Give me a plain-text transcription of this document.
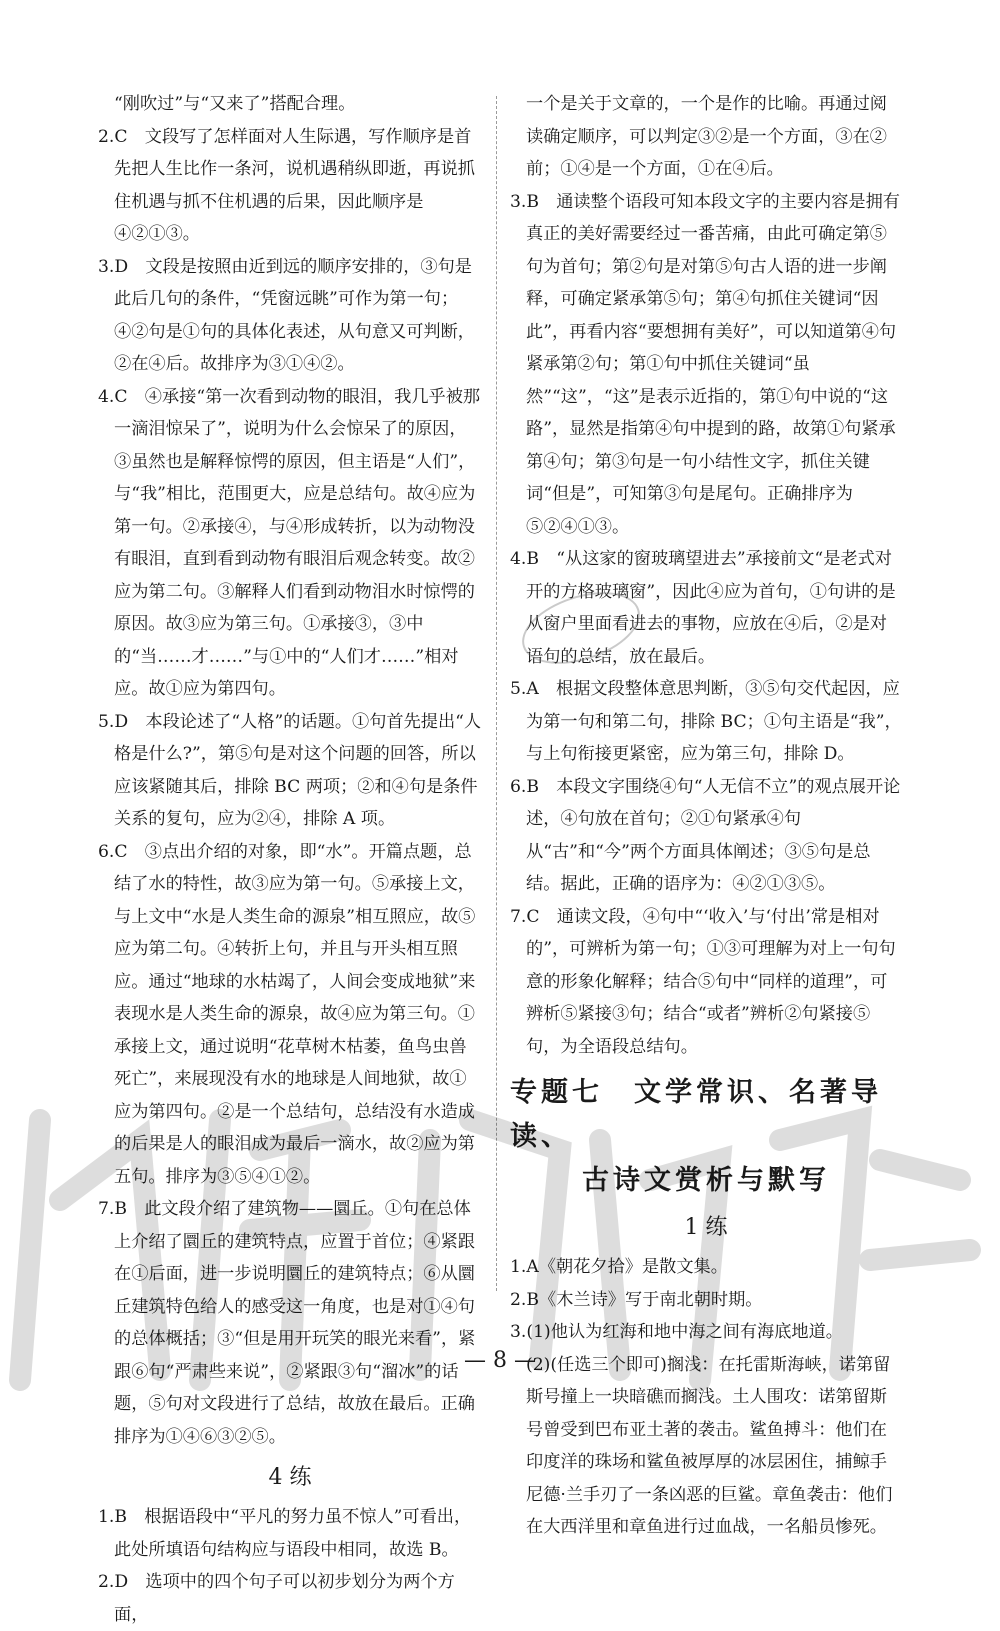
“刚吹过”与“又来了”搭配合理。

2.C  文段写了怎样面对人生际遇，写作顺序是首先把人生比作一条河，说机遇稍纵即逝，再说抓住机遇与抓不住机遇的后果，因此顺序是④②①③。

3.D  文段是按照由近到远的顺序安排的，③句是此后几句的条件，“凭窗远眺”可作为第一句；④②句是①句的具体化表述，从句意又可判断，②在④后。故排序为③①④②。

4.C  ④承接“第一次看到动物的眼泪，我几乎被那一滴泪惊呆了”，说明为什么会惊呆了的原因，③虽然也是解释惊愕的原因，但主语是“人们”，与“我”相比，范围更大，应是总结句。故④应为第一句。②承接④，与④形成转折，以为动物没有眼泪，直到看到动物有眼泪后观念转变。故②应为第二句。③解释人们看到动物泪水时惊愕的原因。故③应为第三句。①承接③，③中的“当……才……”与①中的“人们才……”相对应。故①应为第四句。

5.D  本段论述了“人格”的话题。①句首先提出“人格是什么?”，第⑤句是对这个问题的回答，所以应该紧随其后，排除 BC 两项；②和④句是条件关系的复句，应为②④，排除 A 项。

6.C  ③点出介绍的对象，即“水”。开篇点题，总结了水的特性，故③应为第一句。⑤承接上文，与上文中“水是人类生命的源泉”相互照应，故⑤应为第二句。④转折上句，并且与开头相互照应。通过“地球的水枯竭了，人间会变成地狱”来表现水是人类生命的源泉，故④应为第三句。①承接上文，通过说明“花草树木枯萎，鱼鸟虫兽死亡”，来展现没有水的地球是人间地狱，故①应为第四句。②是一个总结句，总结没有水造成的后果是人的眼泪成为最后一滴水，故②应为第五句。排序为③⑤④①②。

7.B  此文段介绍了建筑物——圜丘。①句在总体上介绍了圜丘的建筑特点，应置于首位；④紧跟在①后面，进一步说明圜丘的建筑特点；⑥从圜丘建筑特色给人的感受这一角度，也是对①④句的总体概括；③“但是用开玩笑的眼光来看”，紧跟⑥句“严肃些来说”，②紧跟③句“溜冰”的话题，⑤句对文段进行了总结，故放在最后。正确排序为①④⑥③②⑤。

4 练

1.B  根据语段中“平凡的努力虽不惊人”可看出，此处所填语句结构应与语段中相同，故选 B。

2.D  选项中的四个句子可以初步划分为两个方面，

一个是关于文章的，一个是作的比喻。再通过阅读确定顺序，可以判定③②是一个方面，③在②前；①④是一个方面，①在④后。

3.B  通读整个语段可知本段文字的主要内容是拥有真正的美好需要经过一番苦痛，由此可确定第⑤句为首句；第②句是对第⑤句古人语的进一步阐释，可确定紧承第⑤句；第④句抓住关键词“因此”，再看内容“要想拥有美好”，可以知道第④句紧承第②句；第①句中抓住关键词“虽然”“这”，“这”是表示近指的，第①句中说的“这路”，显然是指第④句中提到的路，故第①句紧承第④句；第③句是一句小结性文字，抓住关键词“但是”，可知第③句是尾句。正确排序为⑤②④①③。

4.B  “从这家的窗玻璃望进去”承接前文“是老式对开的方格玻璃窗”，因此④应为首句，①句讲的是从窗户里面看进去的事物，应放在④后，②是对语句的总结，放在最后。

5.A  根据文段整体意思判断，③⑤句交代起因，应为第一句和第二句，排除 BC；①句主语是“我”，与上句衔接更紧密，应为第三句，排除 D。

6.B  本段文字围绕④句“人无信不立”的观点展开论述，④句放在首句；②①句紧承④句从“古”和“今”两个方面具体阐述；③⑤句是总结。据此，正确的语序为：④②①③⑤。

7.C  通读文段，④句中“‘收入’与‘付出’常是相对的”，可辨析为第一句；①③可理解为对上一句句意的形象化解释；结合⑤句中“同样的道理”，可辨析⑤紧接③句；结合“或者”辨析②句紧接⑤句，为全语段总结句。

专题七　文学常识、名著导读、
古诗文赏析与默写
1 练

1.A《朝花夕拾》是散文集。

2.B《木兰诗》写于南北朝时期。

3.(1)他认为红海和地中海之间有海底地道。

(2)(任选三个即可)搁浅：在托雷斯海峡，诺第留斯号撞上一块暗礁而搁浅。土人围攻：诺第留斯号曾受到巴布亚土著的袭击。鲨鱼搏斗：他们在印度洋的珠场和鲨鱼被厚厚的冰层困住，捕鲸手尼德·兰手刃了一条凶恶的巨鲨。章鱼袭击：他们在大西洋里和章鱼进行过血战，一名船员惨死。

— 8 —
